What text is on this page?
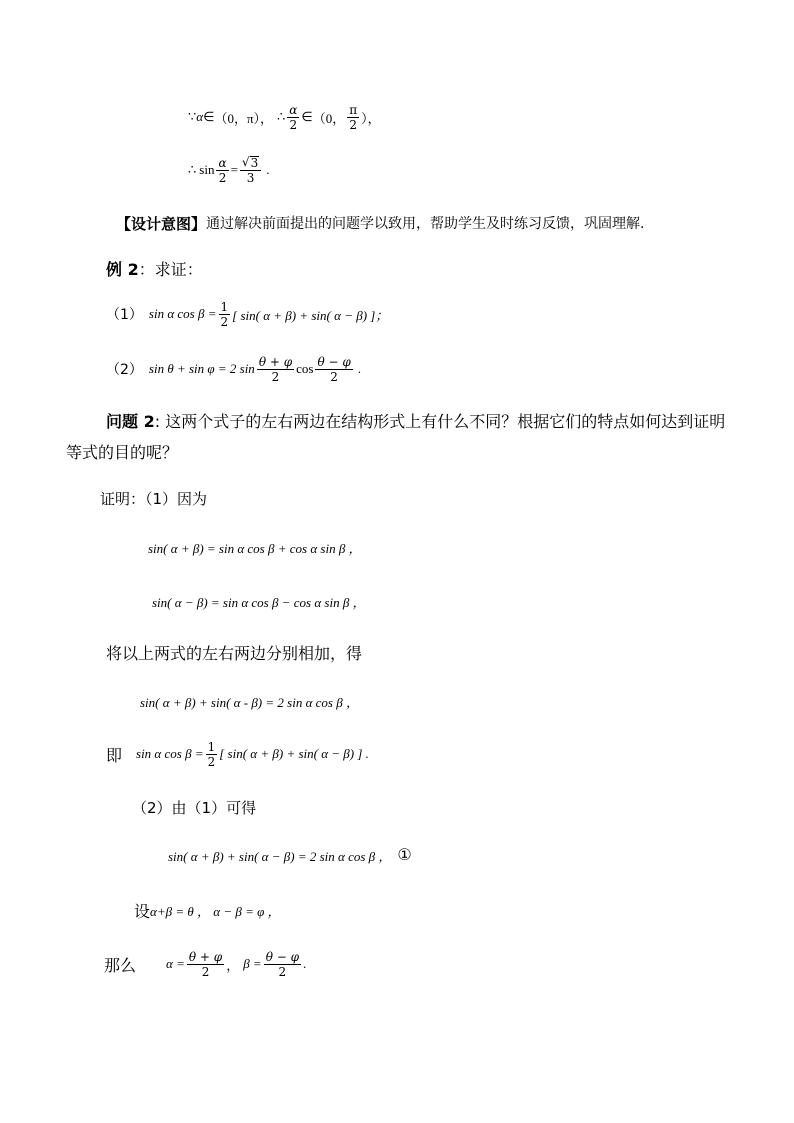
∵ α ∈ （0，π）， ∴ $\frac{\alpha}{2}$ ∈ （0， $\frac{\pi}{2}$ ），
∴ $\sin \frac{\alpha}{2} = \frac{√ 3}{3}$ .
【设计意图】 通过解决前面提出的问题学以致用，帮助学生及时练习反馈，巩固理解.
例 2 ：求证：
（1） sin α $\cos \beta = \frac{1}{2}$ [ sin( α + β) + sin( α − β) ]；
（2） sin θ + sin φ = 2 $\sin \frac{\theta + \varphi}{2}$ $\cos \frac{\theta - \varphi}{2}$ .
问题 2 : 这两个式子的左右两边在结构形式上有什么不同？根据它们的特点如何达到证明
等式的目的呢？
证明：（1）因为
sin( α + β) = sin α cos β + cos α sin β ，
sin( α − β) = sin α cos β − cos α sin β ，
将以上两式的左右两边分别相加，得
sin( α + β) + sin( α - β) = 2 sin α cos β ，
即 sin α $\cos \beta = \frac{1}{2}$ [ sin( α + β) + sin( α − β) ] .
（2）由（1）可得
sin( α + β) + sin( α − β) = 2 sin α cos β ， ①
设 α+β = θ ， α − β = φ ，
那么 $\alpha = \frac{\theta + \varphi}{2}$ ， $\beta = \frac{\theta - \varphi}{2}$ .
